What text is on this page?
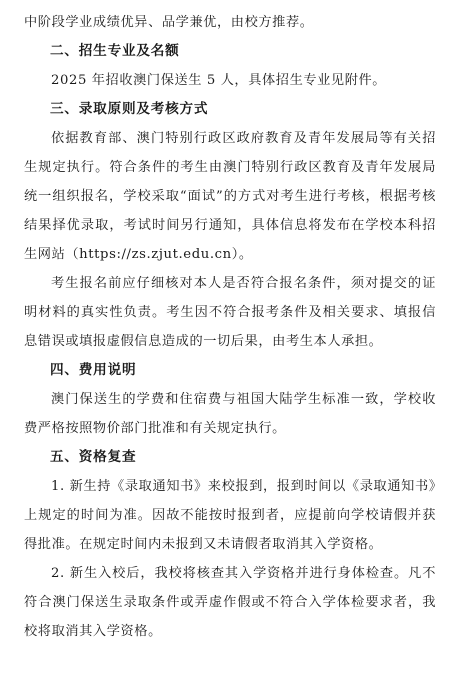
中阶段学业成绩优异、品学兼优，由校方推荐。

二、招生专业及名额

2025 年招收澳门保送生 5 人，具体招生专业见附件。

三、录取原则及考核方式

依据教育部、澳门特别行政区政府教育及青年发展局等有关招生规定执行。符合条件的考生由澳门特别行政区教育及青年发展局统一组织报名，学校采取“面试”的方式对考生进行考核，根据考核结果择优录取，考试时间另行通知，具体信息将发布在学校本科招生网站（https://zs.zjut.edu.cn）。

考生报名前应仔细核对本人是否符合报名条件，须对提交的证明材料的真实性负责。考生因不符合报考条件及相关要求、填报信息错误或填报虚假信息造成的一切后果，由考生本人承担。

四、费用说明

澳门保送生的学费和住宿费与祖国大陆学生标准一致，学校收费严格按照物价部门批准和有关规定执行。

五、资格复查

1. 新生持《录取通知书》来校报到，报到时间以《录取通知书》上规定的时间为准。因故不能按时报到者，应提前向学校请假并获得批准。在规定时间内未报到又未请假者取消其入学资格。

2. 新生入校后，我校将核查其入学资格并进行身体检查。凡不符合澳门保送生录取条件或弄虚作假或不符合入学体检要求者，我校将取消其入学资格。
